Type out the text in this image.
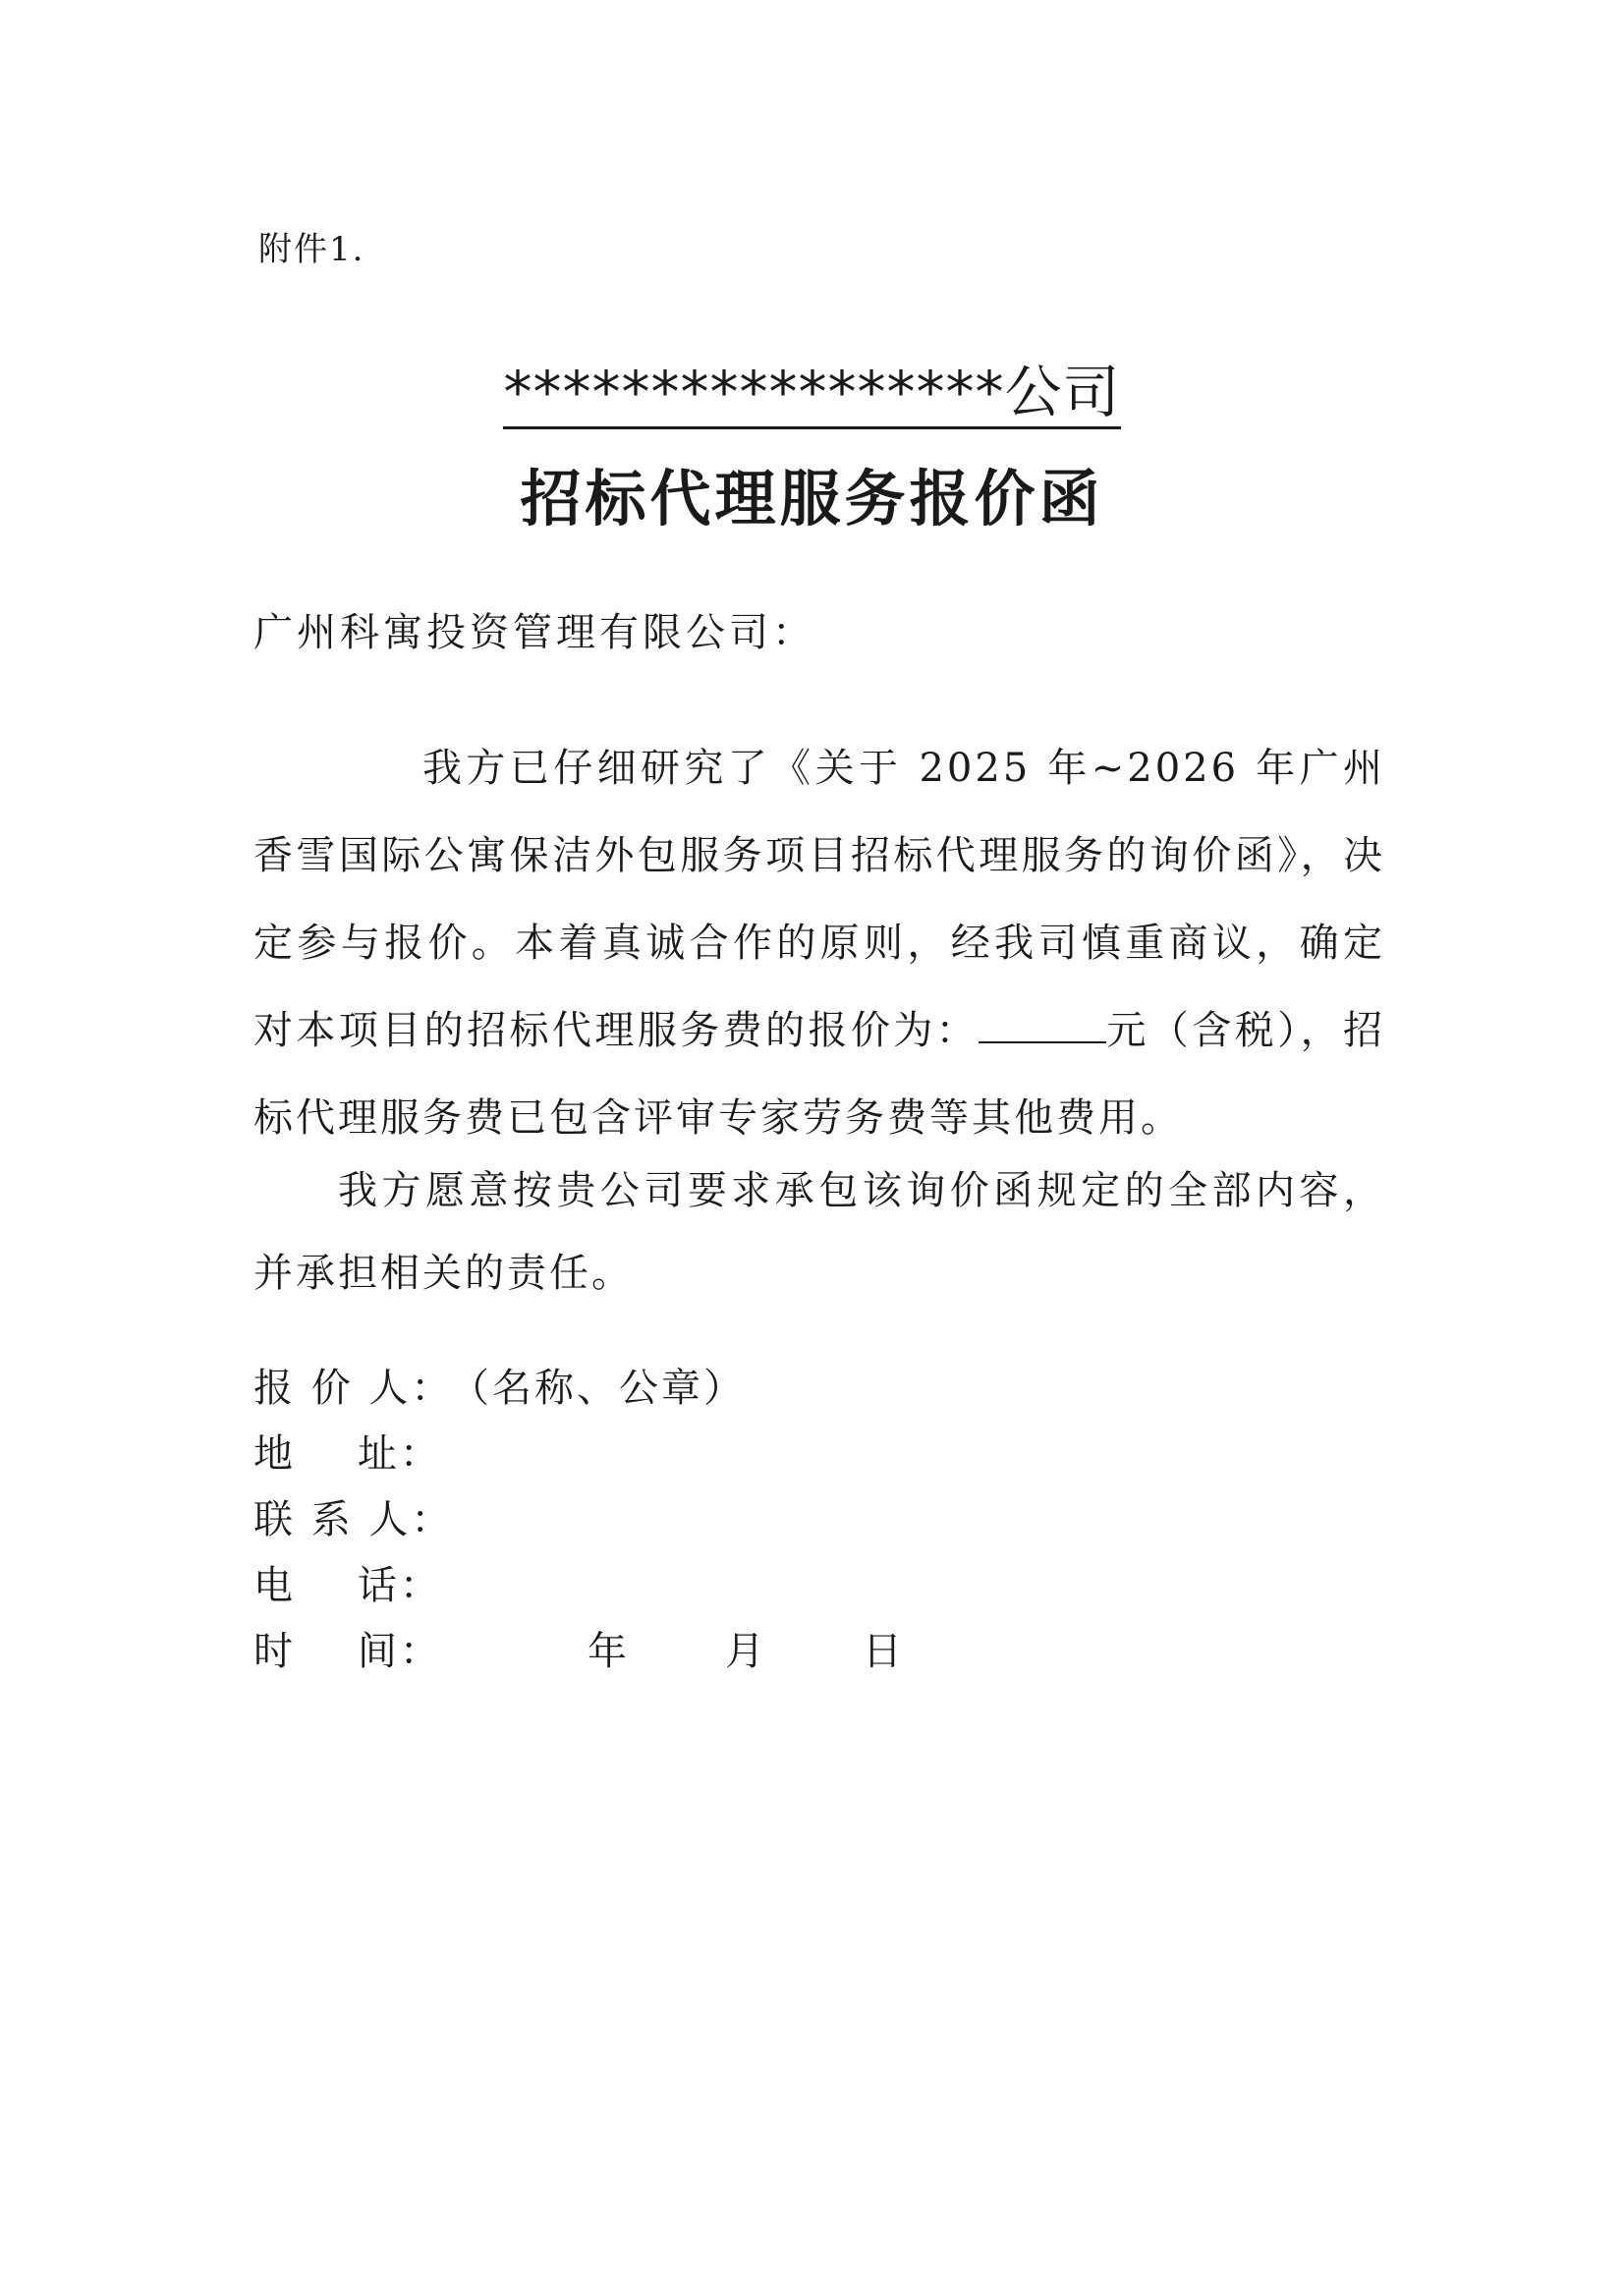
附件1.
*****************公司
招标代理服务报价函
广州科寓投资管理有限公司：

我方已仔细研究了《关于 2025 年~2026 年广州香雪国际公寓保洁外包服务项目招标代理服务的询价函》，决定参与报价。本着真诚合作的原则，经我司慎重商议，确定对本项目的招标代理服务费的报价为：	元（含税），招标代理服务费已包含评审专家劳务费等其他费用。

我方愿意按贵公司要求承包该询价函规定的全部内容，并承担相关的责任。

报 价 人：（名称、公章）
地    址：
联 系 人：
电    话：
时    间：	年 月 日
